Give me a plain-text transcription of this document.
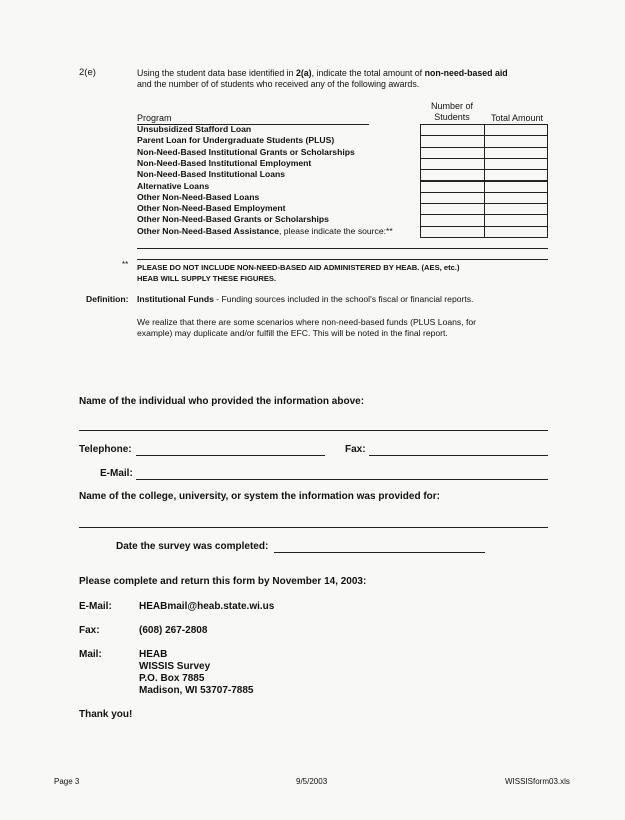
2(e)	Using the student data base identified in 2(a), indicate the total amount of non-need-based aid
and the number of of students who received any of the following awards.
Program
Number of Students	Total Amount
Unsubsidized Stafford Loan
Parent Loan for Undergraduate Students (PLUS)
Non-Need-Based Institutional Grants or Scholarships
Non-Need-Based Institutional Employment
Non-Need-Based Institutional Loans
Alternative Loans
Other Non-Need-Based Loans
Other Non-Need-Based Employment
Other Non-Need-Based Grants or Scholarships
Other Non-Need-Based Assistance, please indicate the source:**
** PLEASE DO NOT INCLUDE NON-NEED-BASED AID ADMINISTERED BY HEAB. (AES, etc.)
HEAB WILL SUPPLY THESE FIGURES.
Definition: Institutional Funds - Funding sources included in the school's fiscal or financial reports.
We realize that there are some scenarios where non-need-based funds (PLUS Loans, for
example) may duplicate and/or fulfill the EFC. This will be noted in the final report.
Name of the individual who provided the information above:
Telephone:	Fax:
E-Mail:
Name of the college, university, or system the information was provided for:
Date the survey was completed:
Please complete and return this form by November 14, 2003:
E-Mail:	HEABmail@heab.state.wi.us
Fax:	(608) 267-2808
Mail:	HEAB
WISSIS Survey
P.O. Box 7885
Madison, WI 53707-7885
Thank you!
Page 3	9/5/2003	WISSISform03.xls
